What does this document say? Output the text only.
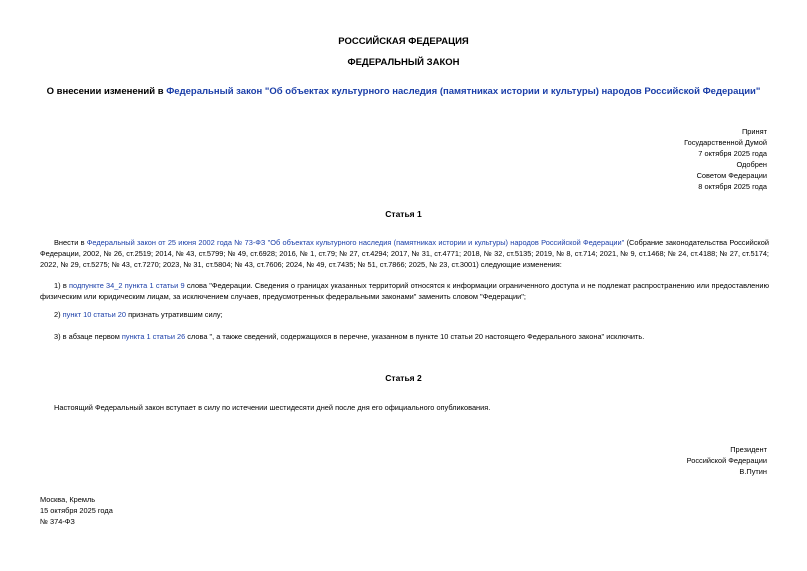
РОССИЙСКАЯ ФЕДЕРАЦИЯ
ФЕДЕРАЛЬНЫЙ ЗАКОН
О внесении изменений в Федеральный закон "Об объектах культурного наследия (памятниках истории и культуры) народов Российской Федерации"
Принят
Государственной Думой
7 октября 2025 года
Одобрен
Советом Федерации
8 октября 2025 года
Статья 1

Внести в Федеральный закон от 25 июня 2002 года № 73-ФЗ "Об объектах культурного наследия (памятниках истории и культуры) народов Российской Федерации" (Собрание законодательства Российской Федерации, 2002, № 26, ст.2519; 2014, № 43, ст.5799; № 49, ст.6928; 2016, № 1, ст.79; № 27, ст.4294; 2017, № 31, ст.4771; 2018, № 32, ст.5135; 2019, № 8, ст.714; 2021, № 9, ст.1468; № 24, ст.4188; № 27, ст.5174; 2022, № 29, ст.5275; № 43, ст.7270; 2023, № 31, ст.5804; № 43, ст.7606; 2024, № 49, ст.7435; № 51, ст.7866; 2025, № 23, ст.3001) следующие изменения:

1) в подпункте 34_2 пункта 1 статьи 9 слова "Федерации. Сведения о границах указанных территорий относятся к информации ограниченного доступа и не подлежат распространению или предоставлению физическим или юридическим лицам, за исключением случаев, предусмотренных федеральными законами" заменить словом "Федерации";

2) пункт 10 статьи 20 признать утратившим силу;

3) в абзаце первом пункта 1 статьи 26 слова ", а также сведений, содержащихся в перечне, указанном в пункте 10 статьи 20 настоящего Федерального закона" исключить.

Статья 2

Настоящий Федеральный закон вступает в силу по истечении шестидесяти дней после дня его официального опубликования.

Президент
Российской Федерации
В.Путин
Москва, Кремль
15 октября 2025 года
№ 374-ФЗ
